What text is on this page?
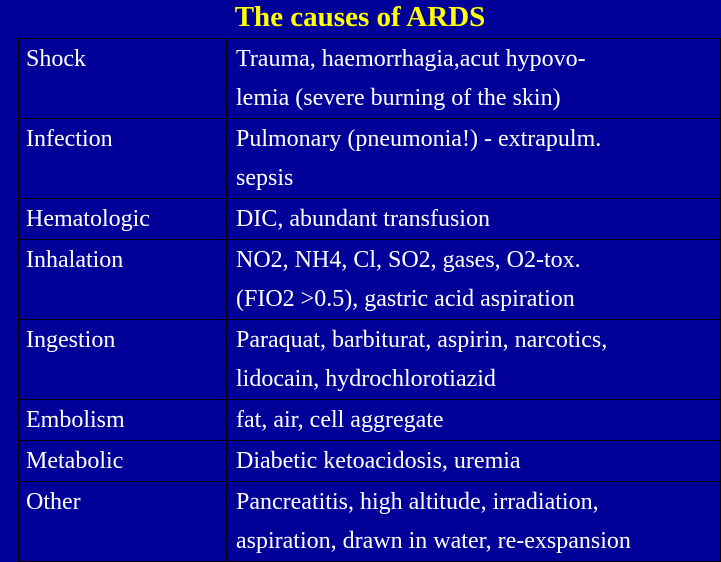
The causes of ARDS
Shock	Trauma, haemorrhagia,acut hypovo-
lemia (severe burning of the skin)

Infection	Pulmonary (pneumonia!) - extrapulm.
sepsis

Hematologic	DIC, abundant transfusion

Inhalation	NO2, NH4, Cl, SO2, gases, O2-tox.
(FIO2 >0.5), gastric acid aspiration

Ingestion	Paraquat, barbiturat, aspirin, narcotics,
lidocain, hydrochlorotiazid

Embolism	fat, air, cell aggregate

Metabolic	Diabetic ketoacidosis, uremia

Other	Pancreatitis, high altitude, irradiation,
aspiration, drawn in water, re-exspansion
